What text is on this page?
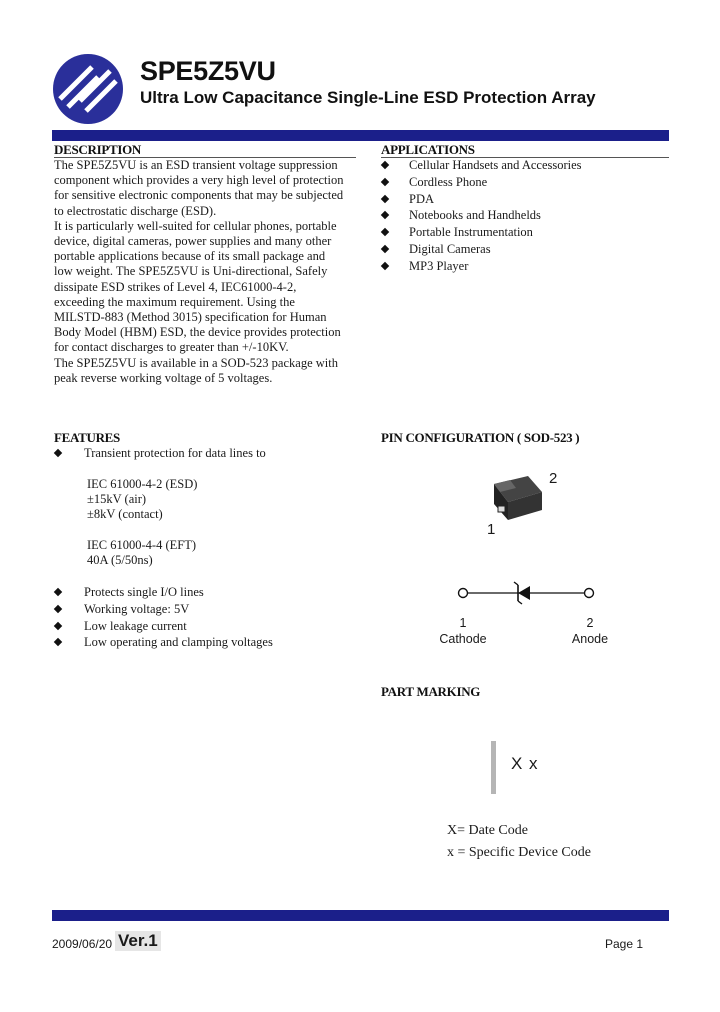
SPE5Z5VU
Ultra Low Capacitance Single-Line ESD Protection Array
DESCRIPTION

The SPE5Z5VU is an ESD transient voltage suppression

component which provides a very high level of protection

for sensitive electronic components that may be subjected

to electrostatic discharge (ESD).

It is particularly well-suited for cellular phones, portable

device, digital cameras, power supplies and many other

portable applications because of its small package and

low weight. The SPE5Z5VU is Uni-directional, Safely

dissipate ESD strikes of Level 4, IEC61000-4-2,

exceeding the maximum requirement. Using the

MILSTD-883 (Method 3015) specification for Human

Body Model (HBM) ESD, the device provides protection

for contact discharges to greater than +/-10KV.

The SPE5Z5VU is available in a SOD-523 package with

peak reverse working voltage of 5 voltages.

APPLICATIONS
Cellular Handsets and Accessories
Cordless Phone
PDA
Notebooks and Handhelds
Portable Instrumentation
Digital Cameras
MP3 Player
FEATURES
Transient protection for data lines to
IEC 61000-4-2 (ESD)
±15kV (air)
±8kV (contact)
IEC 61000-4-4 (EFT)
40A (5/50ns)
Protects single I/O lines
Working voltage: 5V
Low leakage current
Low operating and clamping voltages
PIN CONFIGURATION ( SOD-523 )
2
1
1
Cathode
2
Anode
PART MARKING
X x
X= Date Code
x = Specific Device Code
2009/06/20 Ver.1	Page 1
